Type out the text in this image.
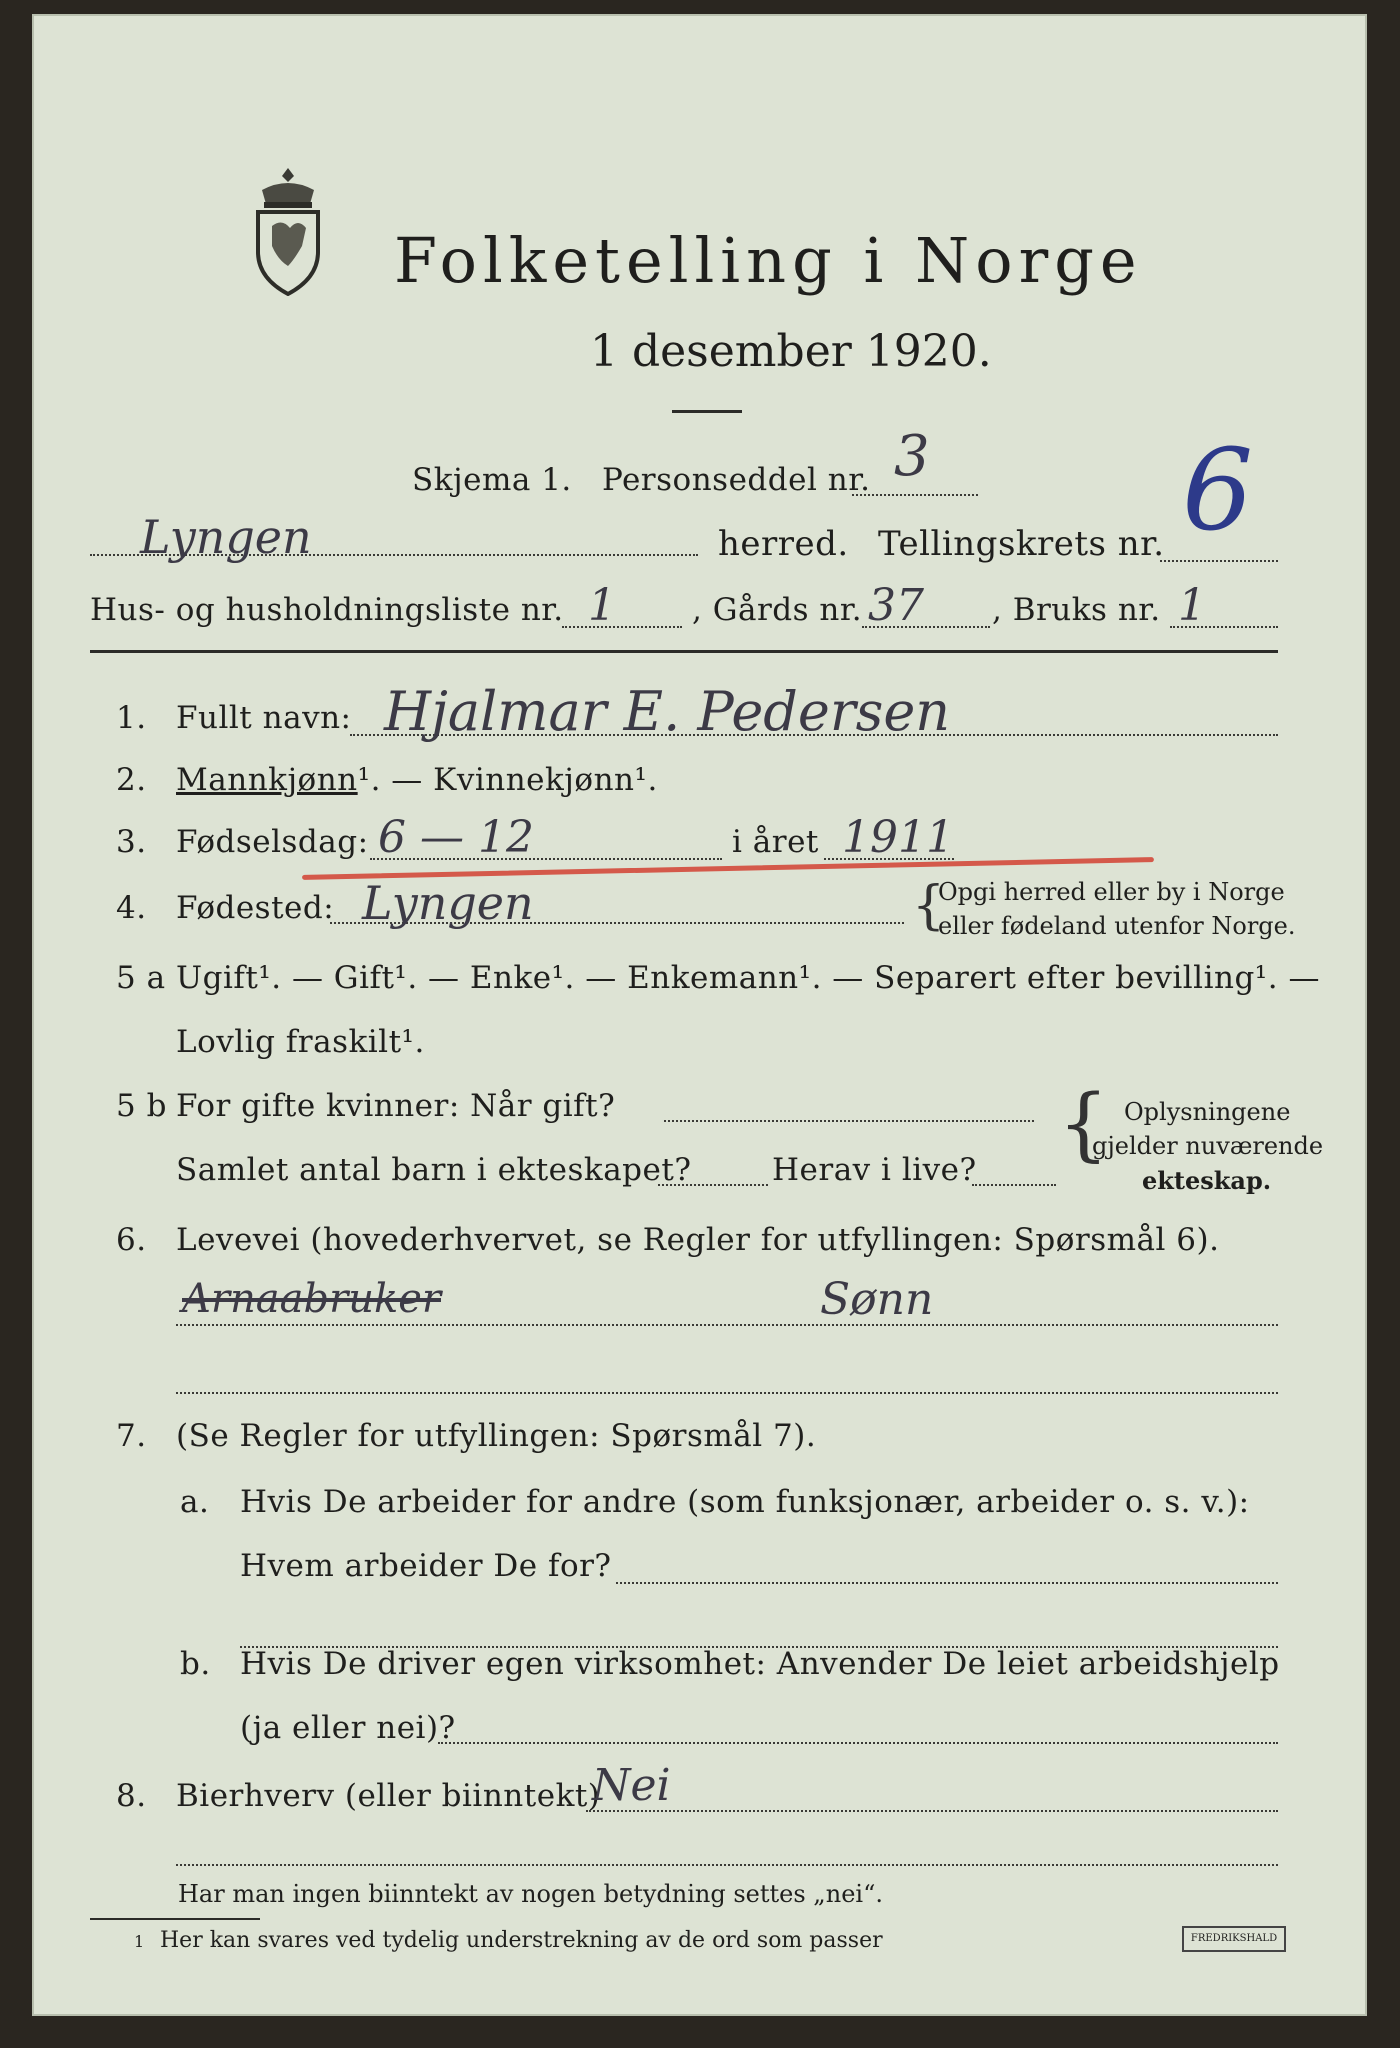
Folketelling i Norge
1 desember 1920.
Skjema 1. Personseddel nr. 3
Lyngen	herred. Tellingskrets nr. 6
Hus- og husholdningsliste nr. 1 , Gårds nr. 37 , Bruks nr. 1
1. Fullt navn: Hjalmar E. Pedersen
2. Mannkjønn¹. — Kvinnekjønn¹.
3. Fødselsdag: 6 — 12	i året 1911
4. Fødested: Lyngen	{
Opgi herred eller by i Norge
eller fødeland utenfor Norge.
5 a Ugift¹. — Gift¹. — Enke¹. — Enkemann¹. — Separert efter bevilling¹. —
Lovlig fraskilt¹.
5 b For gifte kvinner: Når gift?
Samlet antal barn i ekteskapet?	Herav i live? { Oplysningene
gjelder nuværende
ekteskap.
6. Levevei (hovederhvervet, se Regler for utfyllingen: Spørsmål 6).
Arnaabruker	Sønn
7. (Se Regler for utfyllingen: Spørsmål 7).
a. Hvis De arbeider for andre (som funksjonær, arbeider o. s. v.):
Hvem arbeider De for?
b. Hvis De driver egen virksomhet: Anvender De leiet arbeidshjelp
(ja eller nei)?
8. Bierhverv (eller biinntekt)
Nei
Har man ingen biinntekt av nogen betydning settes „nei“.
1 Her kan svares ved tydelig understrekning av de ord som passer	FREDRIKSHALD
